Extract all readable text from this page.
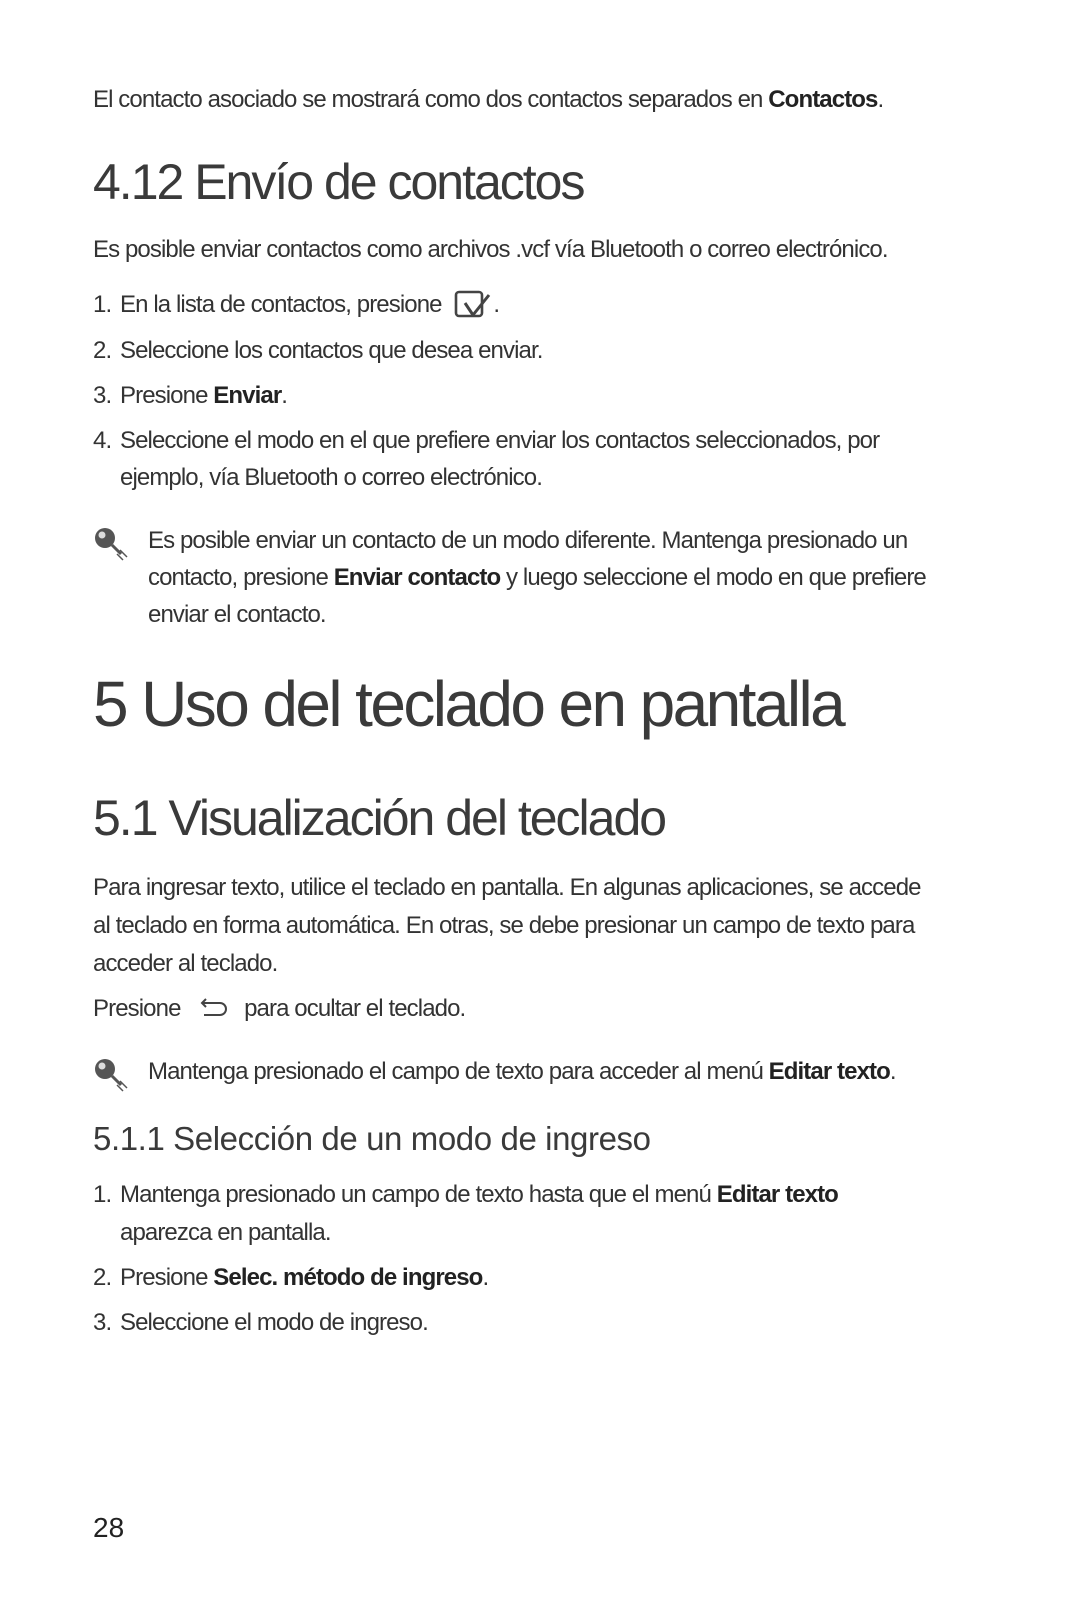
El contacto asociado se mostrará como dos contactos separados en Contactos.

4.12 Envío de contactos

Es posible enviar contactos como archivos .vcf vía Bluetooth o correo electrónico.

1. En la lista de contactos, presione .

2. Seleccione los contactos que desea enviar.

3. Presione Enviar.

4. Seleccione el modo en el que prefiere enviar los contactos seleccionados, por

ejemplo, vía Bluetooth o correo electrónico.

Es posible enviar un contacto de un modo diferente. Mantenga presionado un

contacto, presione Enviar contacto y luego seleccione el modo en que prefiere

enviar el contacto.

5 Uso del teclado en pantalla
5.1 Visualización del teclado

Para ingresar texto, utilice el teclado en pantalla. En algunas aplicaciones, se accede

al teclado en forma automática. En otras, se debe presionar un campo de texto para

acceder al teclado.

Presione	para ocultar el teclado.

Mantenga presionado el campo de texto para acceder al menú Editar texto.

5.1.1 Selección de un modo de ingreso

1. Mantenga presionado un campo de texto hasta que el menú Editar texto

aparezca en pantalla.

2. Presione Selec. método de ingreso.

3. Seleccione el modo de ingreso.

28
